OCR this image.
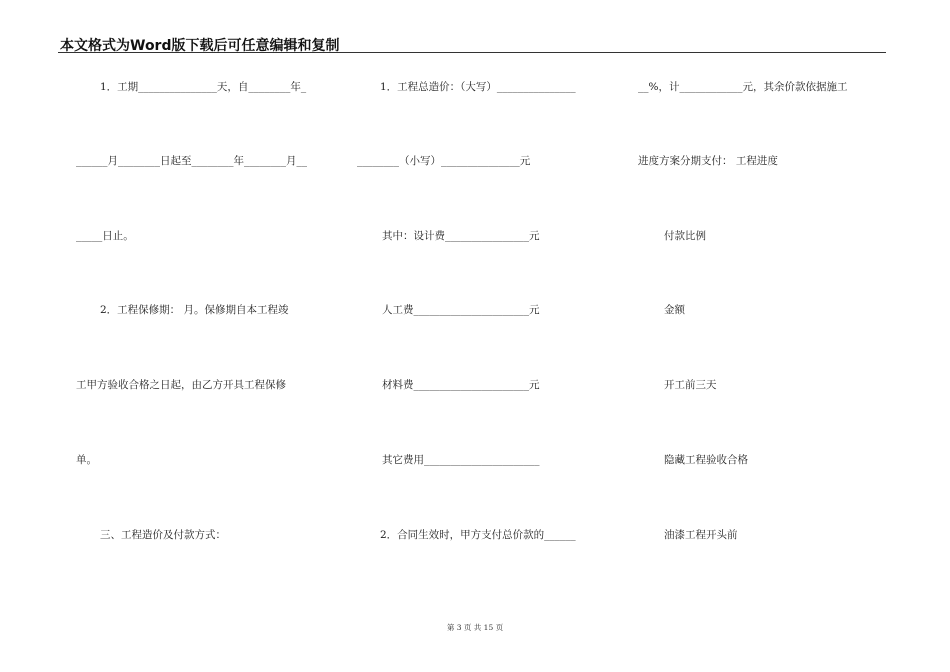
本文格式为Word版下载后可任意编辑和复制
1．工期_______________天，自________年_
______月________日起至________年________月__
_____日止。
2．工程保修期： 月。保修期自本工程竣
工甲方验收合格之日起，由乙方开具工程保修
单。
三、工程造价及付款方式：
1．工程总造价：（大写）_______________
________（小写）_______________元
其中：设计费________________元
人工费______________________元
材料费______________________元
其它费用______________________
2．合同生效时，甲方支付总价款的______
__%，计____________元，其余价款依据施工
进度方案分期支付： 工程进度
付款比例
金额
开工前三天
隐藏工程验收合格
油漆工程开头前
第 3 页 共 15 页
